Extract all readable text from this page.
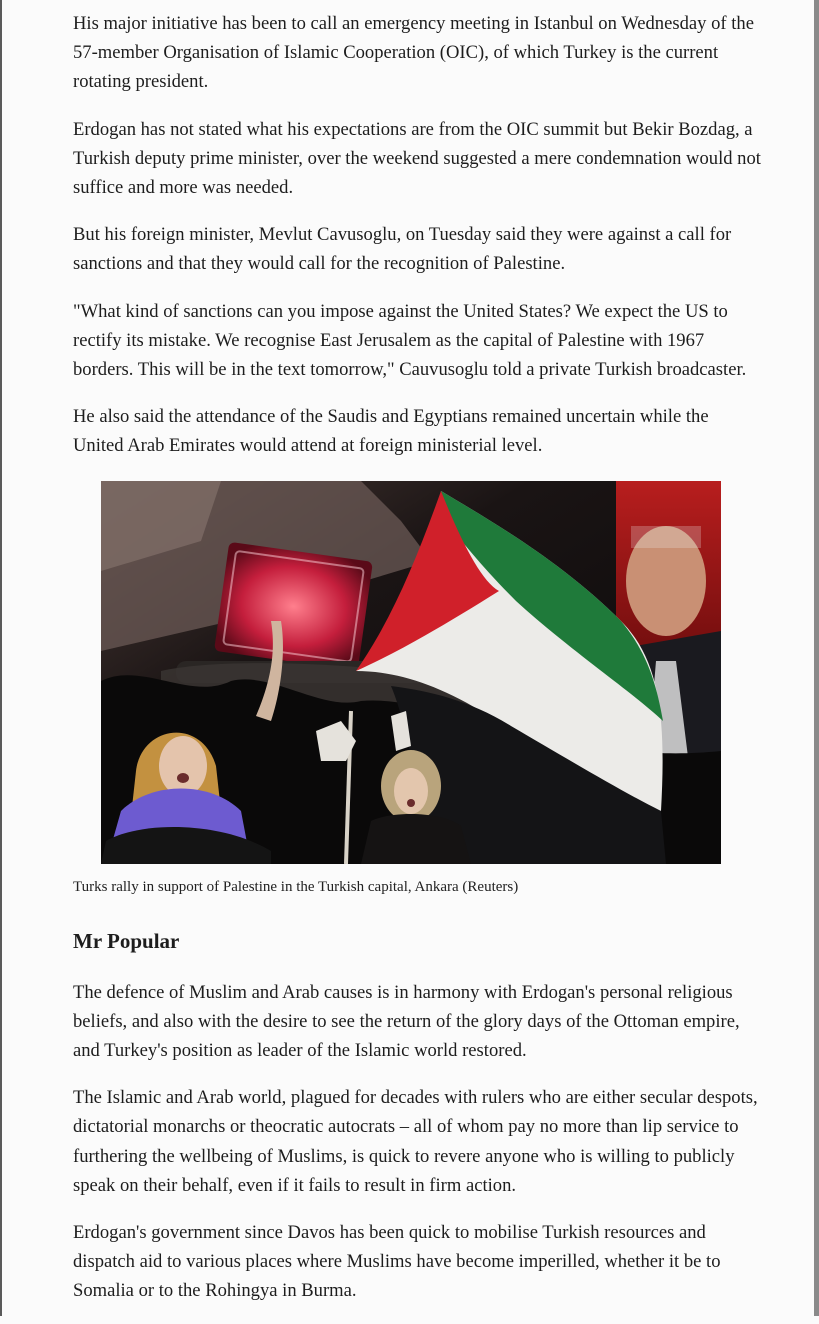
His major initiative has been to call an emergency meeting in Istanbul on Wednesday of the 57-member Organisation of Islamic Cooperation (OIC), of which Turkey is the current rotating president.

Erdogan has not stated what his expectations are from the OIC summit but Bekir Bozdag, a Turkish deputy prime minister, over the weekend suggested a mere condemnation would not suffice and more was needed.

But his foreign minister, Mevlut Cavusoglu, on Tuesday said they were against a call for sanctions and that they would call for the recognition of Palestine.

"What kind of sanctions can you impose against the United States? We expect the US to rectify its mistake. We recognise East Jerusalem as the capital of Palestine with 1967 borders. This will be in the text tomorrow," Cauvusoglu told a private Turkish broadcaster.

He also said the attendance of the Saudis and Egyptians remained uncertain while the United Arab Emirates would attend at foreign ministerial level.

Turks rally in support of Palestine in the Turkish capital, Ankara (Reuters)
Mr Popular

The defence of Muslim and Arab causes is in harmony with Erdogan's personal religious beliefs, and also with the desire to see the return of the glory days of the Ottoman empire, and Turkey's position as leader of the Islamic world restored.

The Islamic and Arab world, plagued for decades with rulers who are either secular despots, dictatorial monarchs or theocratic autocrats – all of whom pay no more than lip service to furthering the wellbeing of Muslims, is quick to revere anyone who is willing to publicly speak on their behalf, even if it fails to result in firm action.

Erdogan's government since Davos has been quick to mobilise Turkish resources and dispatch aid to various places where Muslims have become imperilled, whether it be to Somalia or to the Rohingya in Burma.
